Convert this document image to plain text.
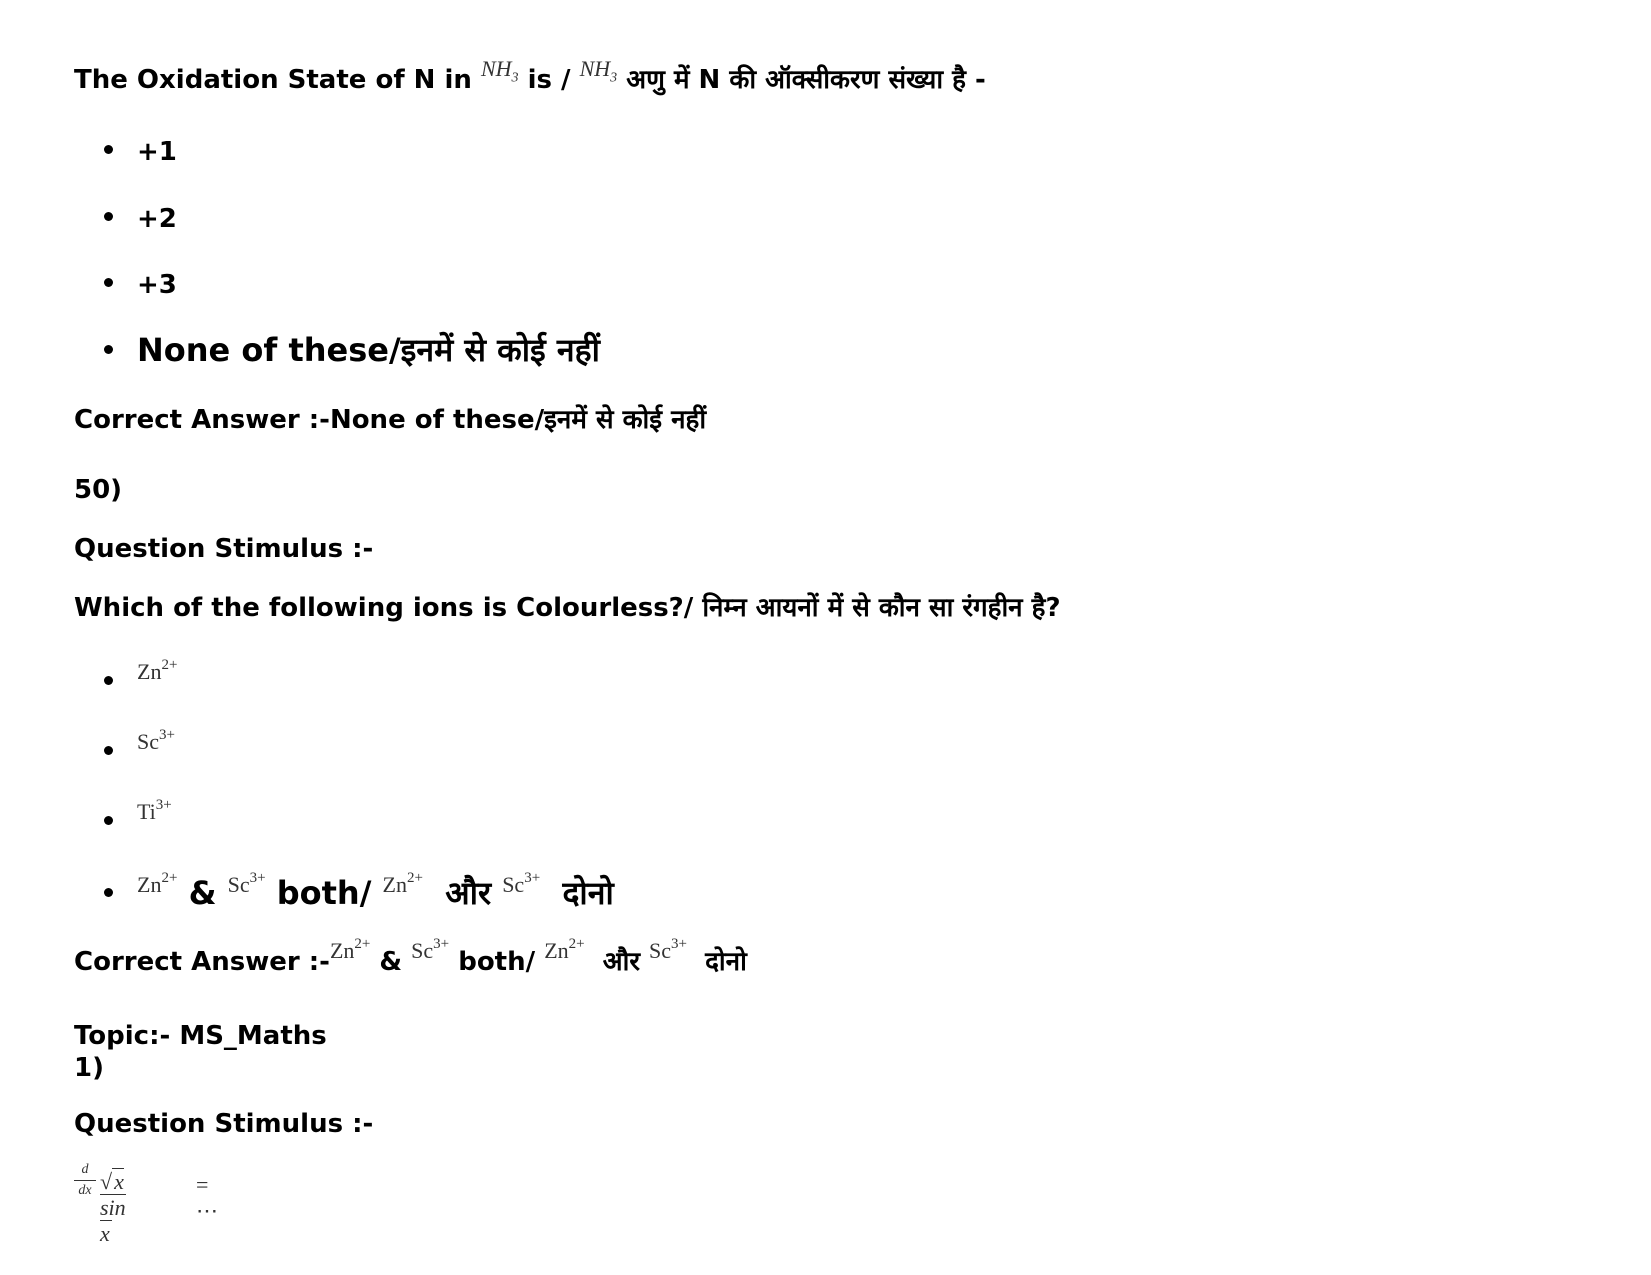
The Oxidation State of N in $^{NH_3}$ is / $^{NH_3}$ अणु में N की ऑक्सीकरण संख्या है -
+1
+2
+3
None of these/इनमें से कोई नहीं
Correct Answer :-None of these/इनमें से कोई नहीं
50)
Question Stimulus :-
Which of the following ions is Colourless?/ निम्न आयनों में से कौन सा रंगहीन है?
$^{Zn^{2+}}$
$^{Sc^{3+}}$
$^{Ti^{3+}}$
$^{Zn^{2+}}$ & $^{Sc^{3+}}$ both/ $^{Zn^{2+}}$ और $^{Sc^{3+}}$ दोनो
Correct Answer :-$^{Zn^{2+}}$ & $^{Sc^{3+}}$ both/ $^{Zn^{2+}}$  और $^{Sc^{3+}}$  दोनो
Topic:- MS_Maths
1)
Question Stimulus :-
d
dx √x sin x
= ⋯
